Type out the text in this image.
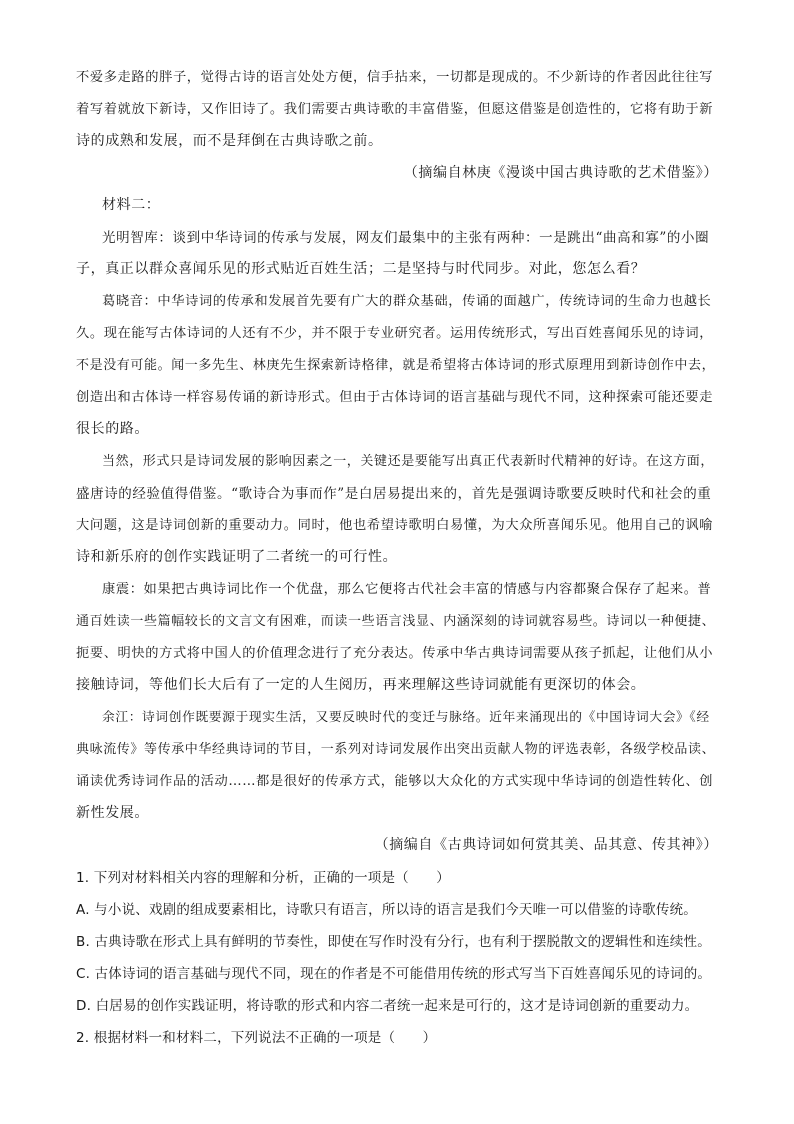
不爱多走路的胖子，觉得古诗的语言处处方便，信手拈来，一切都是现成的。不少新诗的作者因此往往写
着写着就放下新诗，又作旧诗了。我们需要古典诗歌的丰富借鉴，但愿这借鉴是创造性的，它将有助于新
诗的成熟和发展，而不是拜倒在古典诗歌之前。
（摘编自林庚《漫谈中国古典诗歌的艺术借鉴》）
材料二：
光明智库：谈到中华诗词的传承与发展，网友们最集中的主张有两种：一是跳出“曲高和寡”的小圈
子，真正以群众喜闻乐见的形式贴近百姓生活；二是坚持与时代同步。对此，您怎么看？
葛晓音：中华诗词的传承和发展首先要有广大的群众基础，传诵的面越广，传统诗词的生命力也越长
久。现在能写古体诗词的人还有不少，并不限于专业研究者。运用传统形式，写出百姓喜闻乐见的诗词，
不是没有可能。闻一多先生、林庚先生探索新诗格律，就是希望将古体诗词的形式原理用到新诗创作中去，
创造出和古体诗一样容易传诵的新诗形式。但由于古体诗词的语言基础与现代不同，这种探索可能还要走
很长的路。
当然，形式只是诗词发展的影响因素之一，关键还是要能写出真正代表新时代精神的好诗。在这方面，
盛唐诗的经验值得借鉴。“歌诗合为事而作”是白居易提出来的，首先是强调诗歌要反映时代和社会的重
大问题，这是诗词创新的重要动力。同时，他也希望诗歌明白易懂，为大众所喜闻乐见。他用自己的讽喻
诗和新乐府的创作实践证明了二者统一的可行性。
康震：如果把古典诗词比作一个优盘，那么它便将古代社会丰富的情感与内容都聚合保存了起来。普
通百姓读一些篇幅较长的文言文有困难，而读一些语言浅显、内涵深刻的诗词就容易些。诗词以一种便捷、
扼要、明快的方式将中国人的价值理念进行了充分表达。传承中华古典诗词需要从孩子抓起，让他们从小
接触诗词，等他们长大后有了一定的人生阅历，再来理解这些诗词就能有更深切的体会。
余江：诗词创作既要源于现实生活，又要反映时代的变迁与脉络。近年来涌现出的《中国诗词大会》《经
典咏流传》等传承中华经典诗词的节目，一系列对诗词发展作出突出贡献人物的评选表彰，各级学校品读、
诵读优秀诗词作品的活动……都是很好的传承方式，能够以大众化的方式实现中华诗词的创造性转化、创
新性发展。
（摘编自《古典诗词如何赏其美、品其意、传其神》）
1. 下列对材料相关内容的理解和分析，正确的一项是（　　）
A. 与小说、戏剧的组成要素相比，诗歌只有语言，所以诗的语言是我们今天唯一可以借鉴的诗歌传统。
B. 古典诗歌在形式上具有鲜明的节奏性，即使在写作时没有分行，也有利于摆脱散文的逻辑性和连续性。
C. 古体诗词的语言基础与现代不同，现在的作者是不可能借用传统的形式写当下百姓喜闻乐见的诗词的。
D. 白居易的创作实践证明，将诗歌的形式和内容二者统一起来是可行的，这才是诗词创新的重要动力。
2. 根据材料一和材料二，下列说法不正确的一项是（　　）
